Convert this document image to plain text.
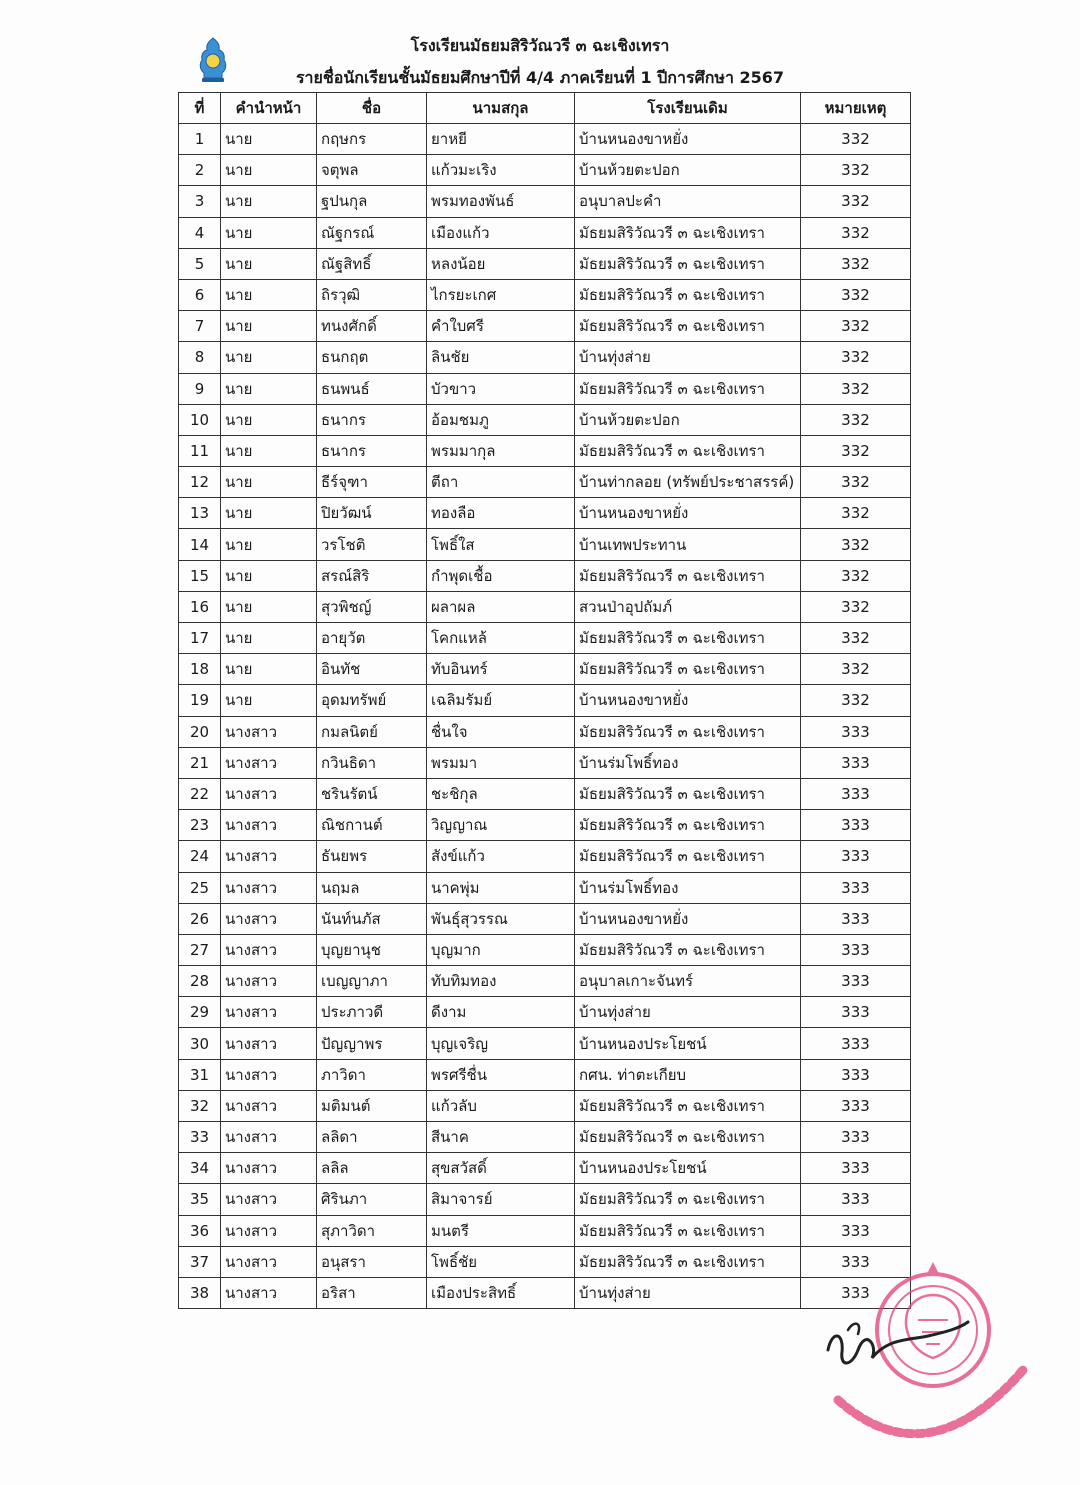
โรงเรียนมัธยมสิริวัณวรี ๓ ฉะเชิงเทรา
รายชื่อนักเรียนชั้นมัธยมศึกษาปีที่ 4/4 ภาคเรียนที่ 1 ปีการศึกษา 2567
ที่	คำนำหน้า	ชื่อ	นามสกุล	โรงเรียนเดิม	หมายเหตุ
1	นาย	กฤษกร	ยาหยี	บ้านหนองขาหยั่ง	332
2	นาย	จตุพล	แก้วมะเริง	บ้านห้วยตะปอก	332
3	นาย	ฐปนกุล	พรมทองพันธ์	อนุบาลปะคำ	332
4	นาย	ณัฐกรณ์	เมืองแก้ว	มัธยมสิริวัณวรี ๓ ฉะเชิงเทรา	332
5	นาย	ณัฐสิทธิ์	หลงน้อย	มัธยมสิริวัณวรี ๓ ฉะเชิงเทรา	332
6	นาย	ถิรวุฒิ	ไกรยะเกศ	มัธยมสิริวัณวรี ๓ ฉะเชิงเทรา	332
7	นาย	ทนงศักดิ์	คำใบศรี	มัธยมสิริวัณวรี ๓ ฉะเชิงเทรา	332
8	นาย	ธนกฤต	ลินชัย	บ้านทุ่งส่าย	332
9	นาย	ธนพนธ์	บัวขาว	มัธยมสิริวัณวรี ๓ ฉะเชิงเทรา	332
10	นาย	ธนากร	อ้อมชมภู	บ้านห้วยตะปอก	332
11	นาย	ธนากร	พรมมากุล	มัธยมสิริวัณวรี ๓ ฉะเชิงเทรา	332
12	นาย	ธีร์จุฑา	ตีถา	บ้านท่ากลอย (ทรัพย์ประชาสรรค์)	332
13	นาย	ปิยวัฒน์	ทองลือ	บ้านหนองขาหยั่ง	332
14	นาย	วรโชติ	โพธิ์ใส	บ้านเทพประทาน	332
15	นาย	สรณ์สิริ	กำพุดเชื้อ	มัธยมสิริวัณวรี ๓ ฉะเชิงเทรา	332
16	นาย	สุวพิชญ์	ผลาผล	สวนป่าอุปถัมภ์	332
17	นาย	อายุวัต	โคกแหล้	มัธยมสิริวัณวรี ๓ ฉะเชิงเทรา	332
18	นาย	อินทัช	ทับอินทร์	มัธยมสิริวัณวรี ๓ ฉะเชิงเทรา	332
19	นาย	อุดมทรัพย์	เฉลิมรัมย์	บ้านหนองขาหยั่ง	332
20	นางสาว	กมลนิตย์	ชื่นใจ	มัธยมสิริวัณวรี ๓ ฉะเชิงเทรา	333
21	นางสาว	กวินธิดา	พรมมา	บ้านร่มโพธิ์ทอง	333
22	นางสาว	ชรินรัตน์	ชะชิกุล	มัธยมสิริวัณวรี ๓ ฉะเชิงเทรา	333
23	นางสาว	ณิชกานต์	วิญญาณ	มัธยมสิริวัณวรี ๓ ฉะเชิงเทรา	333
24	นางสาว	ธันยพร	สังข์แก้ว	มัธยมสิริวัณวรี ๓ ฉะเชิงเทรา	333
25	นางสาว	นฤมล	นาคพุ่ม	บ้านร่มโพธิ์ทอง	333
26	นางสาว	นันท์นภัส	พันธุ์สุวรรณ	บ้านหนองขาหยั่ง	333
27	นางสาว	บุญยานุช	บุญมาก	มัธยมสิริวัณวรี ๓ ฉะเชิงเทรา	333
28	นางสาว	เบญญาภา	ทับทิมทอง	อนุบาลเกาะจันทร์	333
29	นางสาว	ประภาวดี	ดีงาม	บ้านทุ่งส่าย	333
30	นางสาว	ปัญญาพร	บุญเจริญ	บ้านหนองประโยชน์	333
31	นางสาว	ภาวิดา	พรศรีชื่น	กศน. ท่าตะเกียบ	333
32	นางสาว	มติมนต์	แก้วลับ	มัธยมสิริวัณวรี ๓ ฉะเชิงเทรา	333
33	นางสาว	ลลิดา	สีนาค	มัธยมสิริวัณวรี ๓ ฉะเชิงเทรา	333
34	นางสาว	ลลิล	สุขสวัสดิ์	บ้านหนองประโยชน์	333
35	นางสาว	ศิรินภา	สิมาจารย์	มัธยมสิริวัณวรี ๓ ฉะเชิงเทรา	333
36	นางสาว	สุภาวิดา	มนตรี	มัธยมสิริวัณวรี ๓ ฉะเชิงเทรา	333
37	นางสาว	อนุสรา	โพธิ์ชัย	มัธยมสิริวัณวรี ๓ ฉะเชิงเทรา	333
38	นางสาว	อริสา	เมืองประสิทธิ์	บ้านทุ่งส่าย	333
